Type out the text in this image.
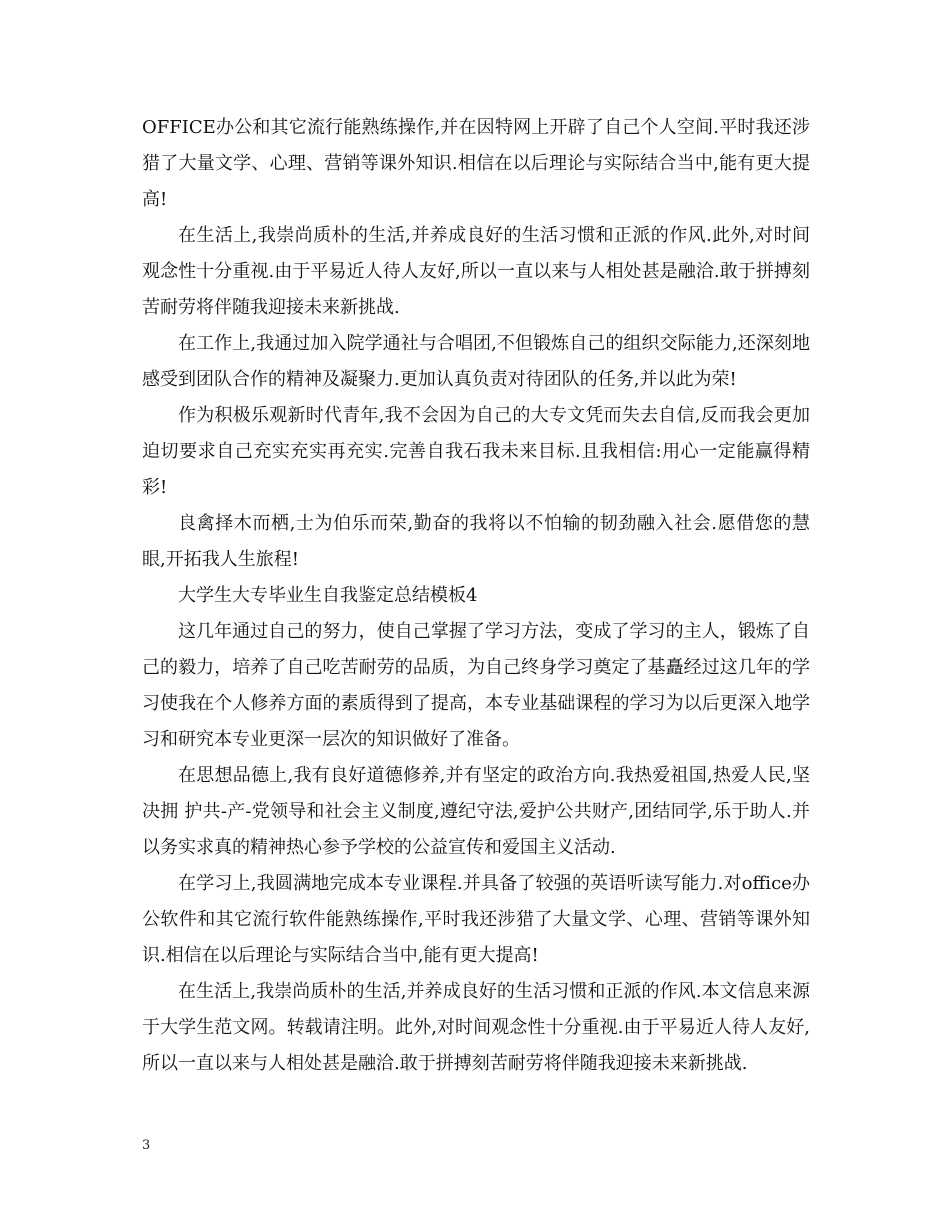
OFFICE办公和其它流行能熟练操作,并在因特网上开辟了自己个人空间.平时我还涉猎了大量文学、心理、营销等课外知识.相信在以后理论与实际结合当中,能有更大提高!

在生活上,我崇尚质朴的生活,并养成良好的生活习惯和正派的作风.此外,对时间观念性十分重视.由于平易近人待人友好,所以一直以来与人相处甚是融洽.敢于拼搏刻苦耐劳将伴随我迎接未来新挑战.

在工作上,我通过加入院学通社与合唱团,不但锻炼自己的组织交际能力,还深刻地感受到团队合作的精神及凝聚力.更加认真负责对待团队的任务,并以此为荣!

作为积极乐观新时代青年,我不会因为自己的大专文凭而失去自信,反而我会更加迫切要求自己充实充实再充实.完善自我石我未来目标.且我相信:用心一定能赢得精彩!

良禽择木而栖,士为伯乐而荣,勤奋的我将以不怕输的韧劲融入社会.愿借您的慧眼,开拓我人生旅程!

大学生大专毕业生自我鉴定总结模板4

这几年通过自己的努力，使自己掌握了学习方法，变成了学习的主人，锻炼了自己的毅力，培养了自己吃苦耐劳的品质，为自己终身学习奠定了基矗经过这几年的学习使我在个人修养方面的素质得到了提高，本专业基础课程的学习为以后更深入地学习和研究本专业更深一层次的知识做好了准备。

在思想品德上,我有良好道德修养,并有坚定的政治方向.我热爱祖国,热爱人民,坚决拥 护共-产-党领导和社会主义制度,遵纪守法,爱护公共财产,团结同学,乐于助人.并以务实求真的精神热心参予学校的公益宣传和爱国主义活动.

在学习上,我圆满地完成本专业课程.并具备了较强的英语听读写能力.对office办公软件和其它流行软件能熟练操作,平时我还涉猎了大量文学、心理、营销等课外知识.相信在以后理论与实际结合当中,能有更大提高!

在生活上,我崇尚质朴的生活,并养成良好的生活习惯和正派的作风.本文信息来源于大学生范文网。转载请注明。此外,对时间观念性十分重视.由于平易近人待人友好,所以一直以来与人相处甚是融洽.敢于拼搏刻苦耐劳将伴随我迎接未来新挑战.

3
